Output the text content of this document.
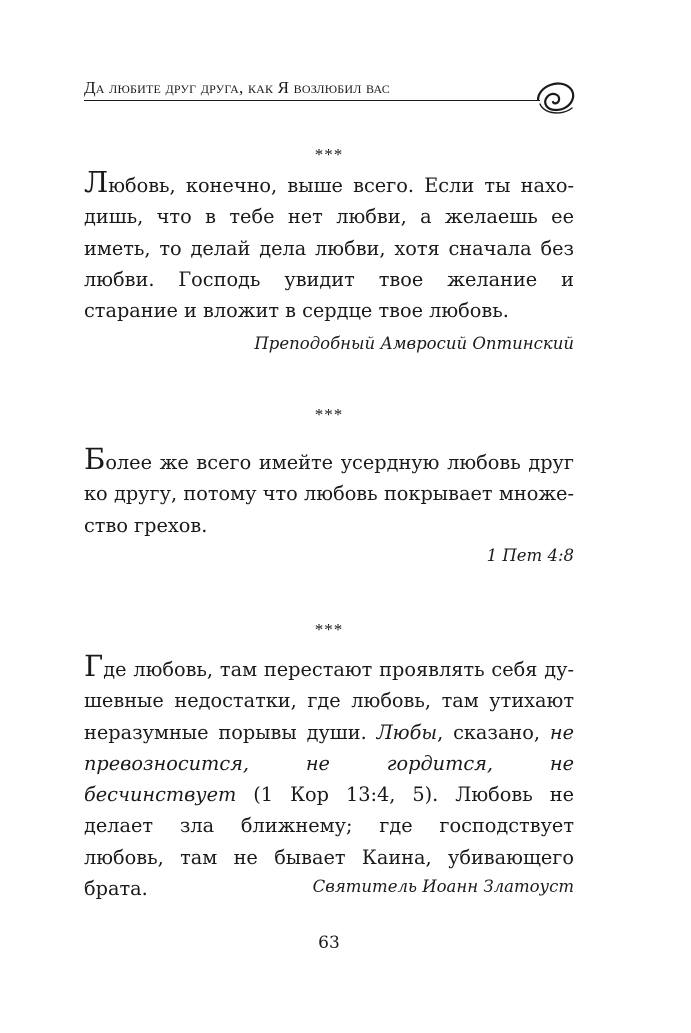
Да любите друг друга, как Я возлюбил вас
***

Любовь, конечно, выше всего. Если ты находишь, что в тебе нет любви, а желаешь ее иметь, то делай дела любви, хотя сначала без любви. Господь увидит твое желание и старание и вложит в сердце твое любовь.

Преподобный Амвросий Оптинский
***

Более же всего имейте усердную любовь друг ко другу, потому что любовь покрывает множество грехов.

1 Пет 4:8
***

Где любовь, там перестают проявлять себя душевные недостатки, где любовь, там утихают неразумные порывы души. Любы, сказано, не превозносится, не гордится, не бесчинствует (1 Кор 13:4, 5). Любовь не делает зла ближнему; где господствует любовь, там не бывает Каина, убивающего брата.	Святитель Иоанн Златоуст
63
